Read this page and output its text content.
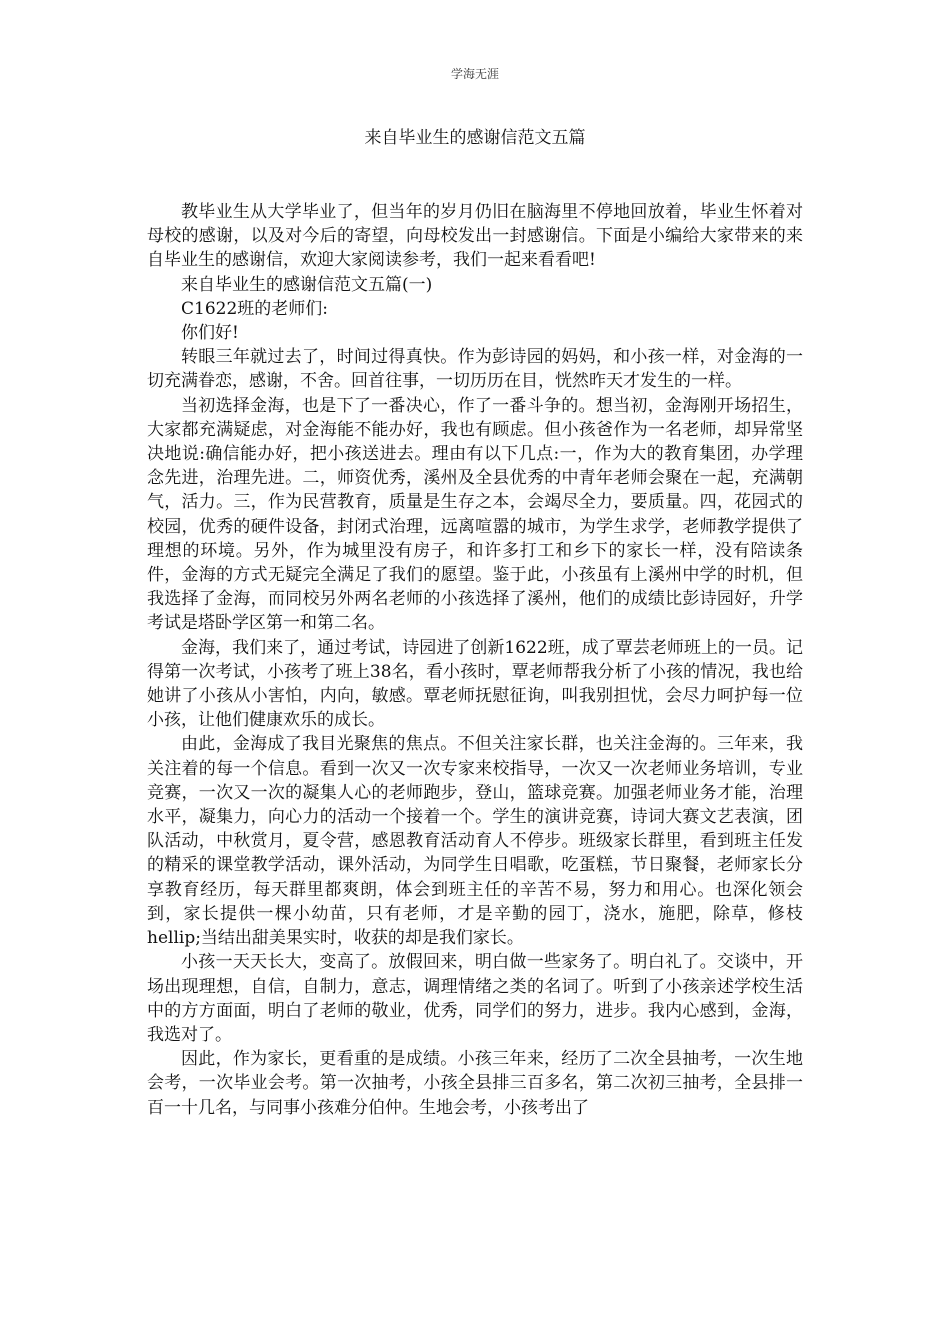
学海无涯
来自毕业生的感谢信范文五篇

教毕业生从大学毕业了，但当年的岁月仍旧在脑海里不停地回放着，毕业生怀着对母校的感谢，以及对今后的寄望，向母校发出一封感谢信。下面是小编给大家带来的来自毕业生的感谢信，欢迎大家阅读参考，我们一起来看看吧!

来自毕业生的感谢信范文五篇(一)

C1622班的老师们:

你们好!

转眼三年就过去了，时间过得真快。作为彭诗园的妈妈，和小孩一样，对金海的一切充满眷恋，感谢，不舍。回首往事，一切历历在目，恍然昨天才发生的一样。

当初选择金海，也是下了一番决心，作了一番斗争的。想当初，金海刚开场招生，大家都充满疑虑，对金海能不能办好，我也有顾虑。但小孩爸作为一名老师，却异常坚决地说:确信能办好，把小孩送进去。理由有以下几点:一，作为大的教育集团，办学理念先进，治理先进。二，师资优秀，溪州及全县优秀的中青年老师会聚在一起，充满朝气，活力。三，作为民营教育，质量是生存之本，会竭尽全力，要质量。四，花园式的校园，优秀的硬件设备，封闭式治理，远离喧嚣的城市，为学生求学，老师教学提供了理想的环境。另外，作为城里没有房子，和许多打工和乡下的家长一样，没有陪读条件，金海的方式无疑完全满足了我们的愿望。鉴于此，小孩虽有上溪州中学的时机，但我选择了金海，而同校另外两名老师的小孩选择了溪州，他们的成绩比彭诗园好，升学考试是塔卧学区第一和第二名。

金海，我们来了，通过考试，诗园进了创新1622班，成了覃芸老师班上的一员。记得第一次考试，小孩考了班上38名，看小孩时，覃老师帮我分析了小孩的情况，我也给她讲了小孩从小害怕，内向，敏感。覃老师抚慰征询，叫我别担忧，会尽力呵护每一位小孩，让他们健康欢乐的成长。

由此，金海成了我目光聚焦的焦点。不但关注家长群，也关注金海的。三年来，我关注着的每一个信息。看到一次又一次专家来校指导，一次又一次老师业务培训，专业竞赛，一次又一次的凝集人心的老师跑步，登山，篮球竞赛。加强老师业务才能，治理水平，凝集力，向心力的活动一个接着一个。学生的演讲竞赛，诗词大赛文艺表演，团队活动，中秋赏月，夏令营，感恩教育活动育人不停步。班级家长群里，看到班主任发的精采的课堂教学活动，课外活动，为同学生日唱歌，吃蛋糕，节日聚餐，老师家长分享教育经历，每天群里都爽朗，体会到班主任的辛苦不易，努力和用心。也深化领会到，家长提供一棵小幼苗，只有老师，才是辛勤的园丁，浇水，施肥，除草，修枝hellip;当结出甜美果实时，收获的却是我们家长。

小孩一天天长大，变高了。放假回来，明白做一些家务了。明白礼了。交谈中，开场出现理想，自信，自制力，意志，调理情绪之类的名词了。听到了小孩亲述学校生活中的方方面面，明白了老师的敬业，优秀，同学们的努力，进步。我内心感到，金海，我选对了。

因此，作为家长，更看重的是成绩。小孩三年来，经历了二次全县抽考，一次生地会考，一次毕业会考。第一次抽考，小孩全县排三百多名，第二次初三抽考，全县排一百一十几名，与同事小孩难分伯仲。生地会考，小孩考出了
